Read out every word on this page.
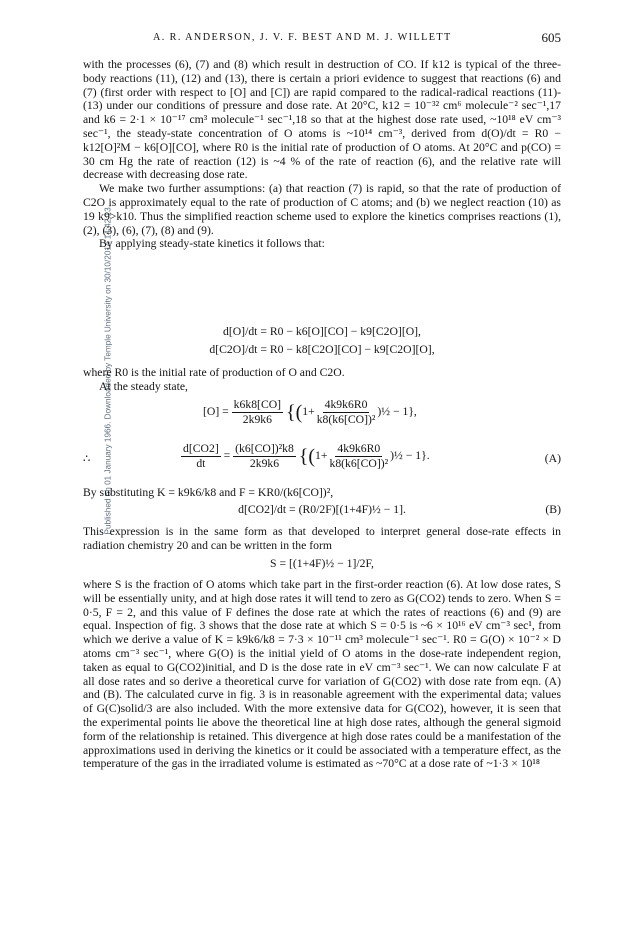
Published on 01 January 1966. Downloaded by Temple University on 30/10/2014 14:42:13.
A. R. ANDERSON, J. V. F. BEST AND M. J. WILLETT	605

with the processes (6), (7) and (8) which result in destruction of CO. If k12 is typical of the three-body reactions (11), (12) and (13), there is certain a priori evidence to suggest that reactions (6) and (7) (first order with respect to [O] and [C]) are rapid compared to the radical-radical reactions (11)-(13) under our conditions of pressure and dose rate. At 20°C, k12 = 10⁻³² cm⁶ molecule⁻² sec⁻¹,17 and k6 = 2·1 × 10⁻¹⁷ cm³ molecule⁻¹ sec⁻¹,18 so that at the highest dose rate used, ~10¹⁸ eV cm⁻³ sec⁻¹, the steady-state concentration of O atoms is ~10¹⁴ cm⁻³, derived from d(O)/dt = R0 − k12[O]²M − k6[O][CO], where R0 is the initial rate of production of O atoms. At 20°C and p(CO) = 30 cm Hg the rate of reaction (12) is ~4 % of the rate of reaction (6), and the relative rate will decrease with decreasing dose rate.

We make two further assumptions: (a) that reaction (7) is rapid, so that the rate of production of C2O is approximately equal to the rate of production of C atoms; and (b) we neglect reaction (10) as 19 k9>k10. Thus the simplified reaction scheme used to explore the kinetics comprises reactions (1), (2), (3), (6), (7), (8) and (9).

By applying steady-state kinetics it follows that:

d[O]/dt = R0 − k6[O][CO] − k9[C2O][O],
d[C2O]/dt = R0 − k8[C2O][CO] − k9[C2O][O],

where R0 is the initial rate of production of O and C2O.

At the steady state,

$[O] = \frac{k6k8[CO]}{2k9k6} \{(1+ \frac{4k9k6R0}{\text{k8(k6[CO])²}}$ )½ − 1},
∴	$\frac{d[CO2]}{dt} = \frac{\text{(k6[CO])²k8}}{2k9k6} \{(1+ \frac{4k9k6R0}{\text{k8(k6[CO])²}}$ )½ − 1}.	(A)

By substituting K = k9k6/k8 and F = KR0/(k6[CO])²,

d[CO2]/dt = (R0/2F)[(1+4F)½ − 1].	(B)

This expression is in the same form as that developed to interpret general dose-rate effects in radiation chemistry 20 and can be written in the form

S = [(1+4F)½ − 1]/2F,

where S is the fraction of O atoms which take part in the first-order reaction (6). At low dose rates, S will be essentially unity, and at high dose rates it will tend to zero as G(CO2) tends to zero. When S = 0·5, F = 2, and this value of F defines the dose rate at which the rates of reactions (6) and (9) are equal. Inspection of fig. 3 shows that the dose rate at which S = 0·5 is ~6 × 10¹⁶ eV cm⁻³ sec¹, from which we derive a value of K = k9k6/k8 = 7·3 × 10⁻¹¹ cm³ molecule⁻¹ sec⁻¹. R0 = G(O) × 10⁻² × D atoms cm⁻³ sec⁻¹, where G(O) is the initial yield of O atoms in the dose-rate independent region, taken as equal to G(CO2)initial, and D is the dose rate in eV cm⁻³ sec⁻¹. We can now calculate F at all dose rates and so derive a theoretical curve for variation of G(CO2) with dose rate from eqn. (A) and (B). The calculated curve in fig. 3 is in reasonable agreement with the experimental data; values of G(C)solid/3 are also included. With the more extensive data for G(CO2), however, it is seen that the experimental points lie above the theoretical line at high dose rates, although the general sigmoid form of the relationship is retained. This divergence at high dose rates could be a manifestation of the approximations used in deriving the kinetics or it could be associated with a temperature effect, as the temperature of the gas in the irradiated volume is estimated as ~70°C at a dose rate of ~1·3 × 10¹⁸
